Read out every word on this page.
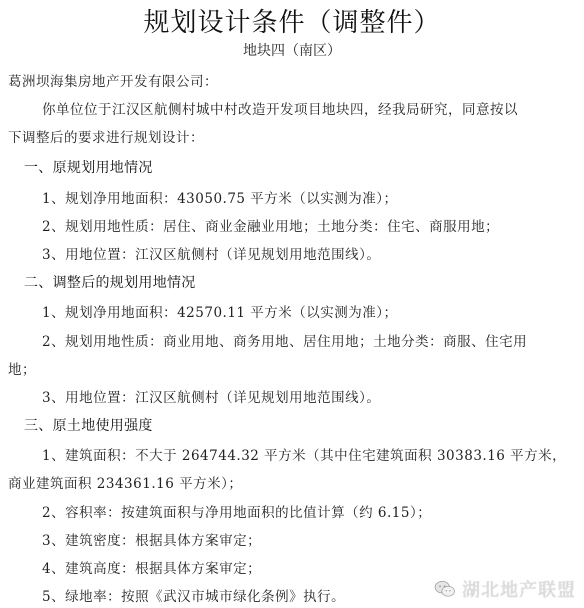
规划设计条件（调整件）
地块四（南区）
葛洲坝海集房地产开发有限公司：
你单位位于江汉区航侧村城中村改造开发项目地块四，经我局研究，同意按以
下调整后的要求进行规划设计：
一、原规划用地情况
1、规划净用地面积：43050.75 平方米（以实测为准）；
2、规划用地性质：居住、商业金融业用地；土地分类：住宅、商服用地；
3、用地位置：江汉区航侧村（详见规划用地范围线）。
二、调整后的规划用地情况
1、规划净用地面积：42570.11 平方米（以实测为准）；
2、规划用地性质：商业用地、商务用地、居住用地；土地分类：商服、住宅用
地；
3、用地位置：江汉区航侧村（详见规划用地范围线）。
三、原土地使用强度
1、建筑面积：不大于 264744.32 平方米（其中住宅建筑面积 30383.16 平方米，
商业建筑面积 234361.16 平方米）；
2、容积率：按建筑面积与净用地面积的比值计算（约 6.15）；
3、建筑密度：根据具体方案审定；
4、建筑高度：根据具体方案审定；
5、绿地率：按照《武汉市城市绿化条例》执行。	湖北地产联盟
